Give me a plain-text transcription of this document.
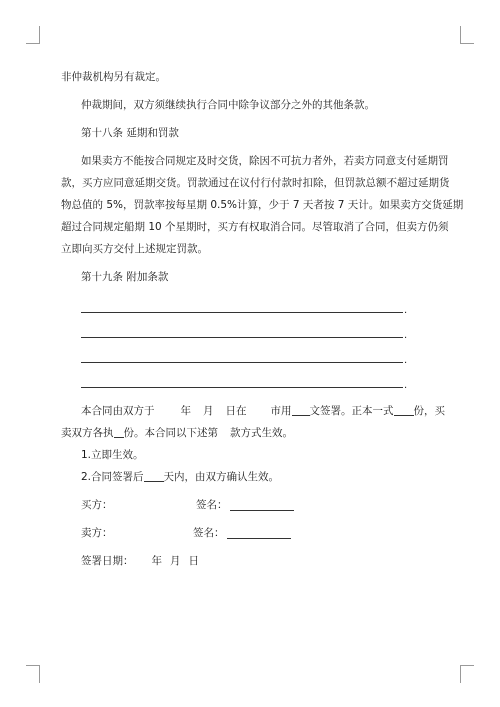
非仲裁机构另有裁定。

仲裁期间，双方须继续执行合同中除争议部分之外的其他条款。

第十八条 延期和罚款

如果卖方不能按合同规定及时交货，除因不可抗力者外，若卖方同意支付延期罚
款，买方应同意延期交货。罚款通过在议付行付款时扣除，但罚款总额不超过延期货
物总值的 5%，罚款率按每星期 0.5%计算，少于 7 天者按 7 天计。如果卖方交货延期
超过合同规定船期 10 个星期时，买方有权取消合同。尽管取消了合同，但卖方仍须
立即向买方交付上述规定罚款。

第十九条 附加条款

.
.
.
.

本合同由双方于 年 月 日在 市用 文签署。正本一式 份，买

卖双方各执 份。本合同以下述第 款方式生效。

1.立即生效。

2.合同签署后 天内，由双方确认生效。

买方：	签名：
卖方：	签名：

签署日期： 年 月 日
